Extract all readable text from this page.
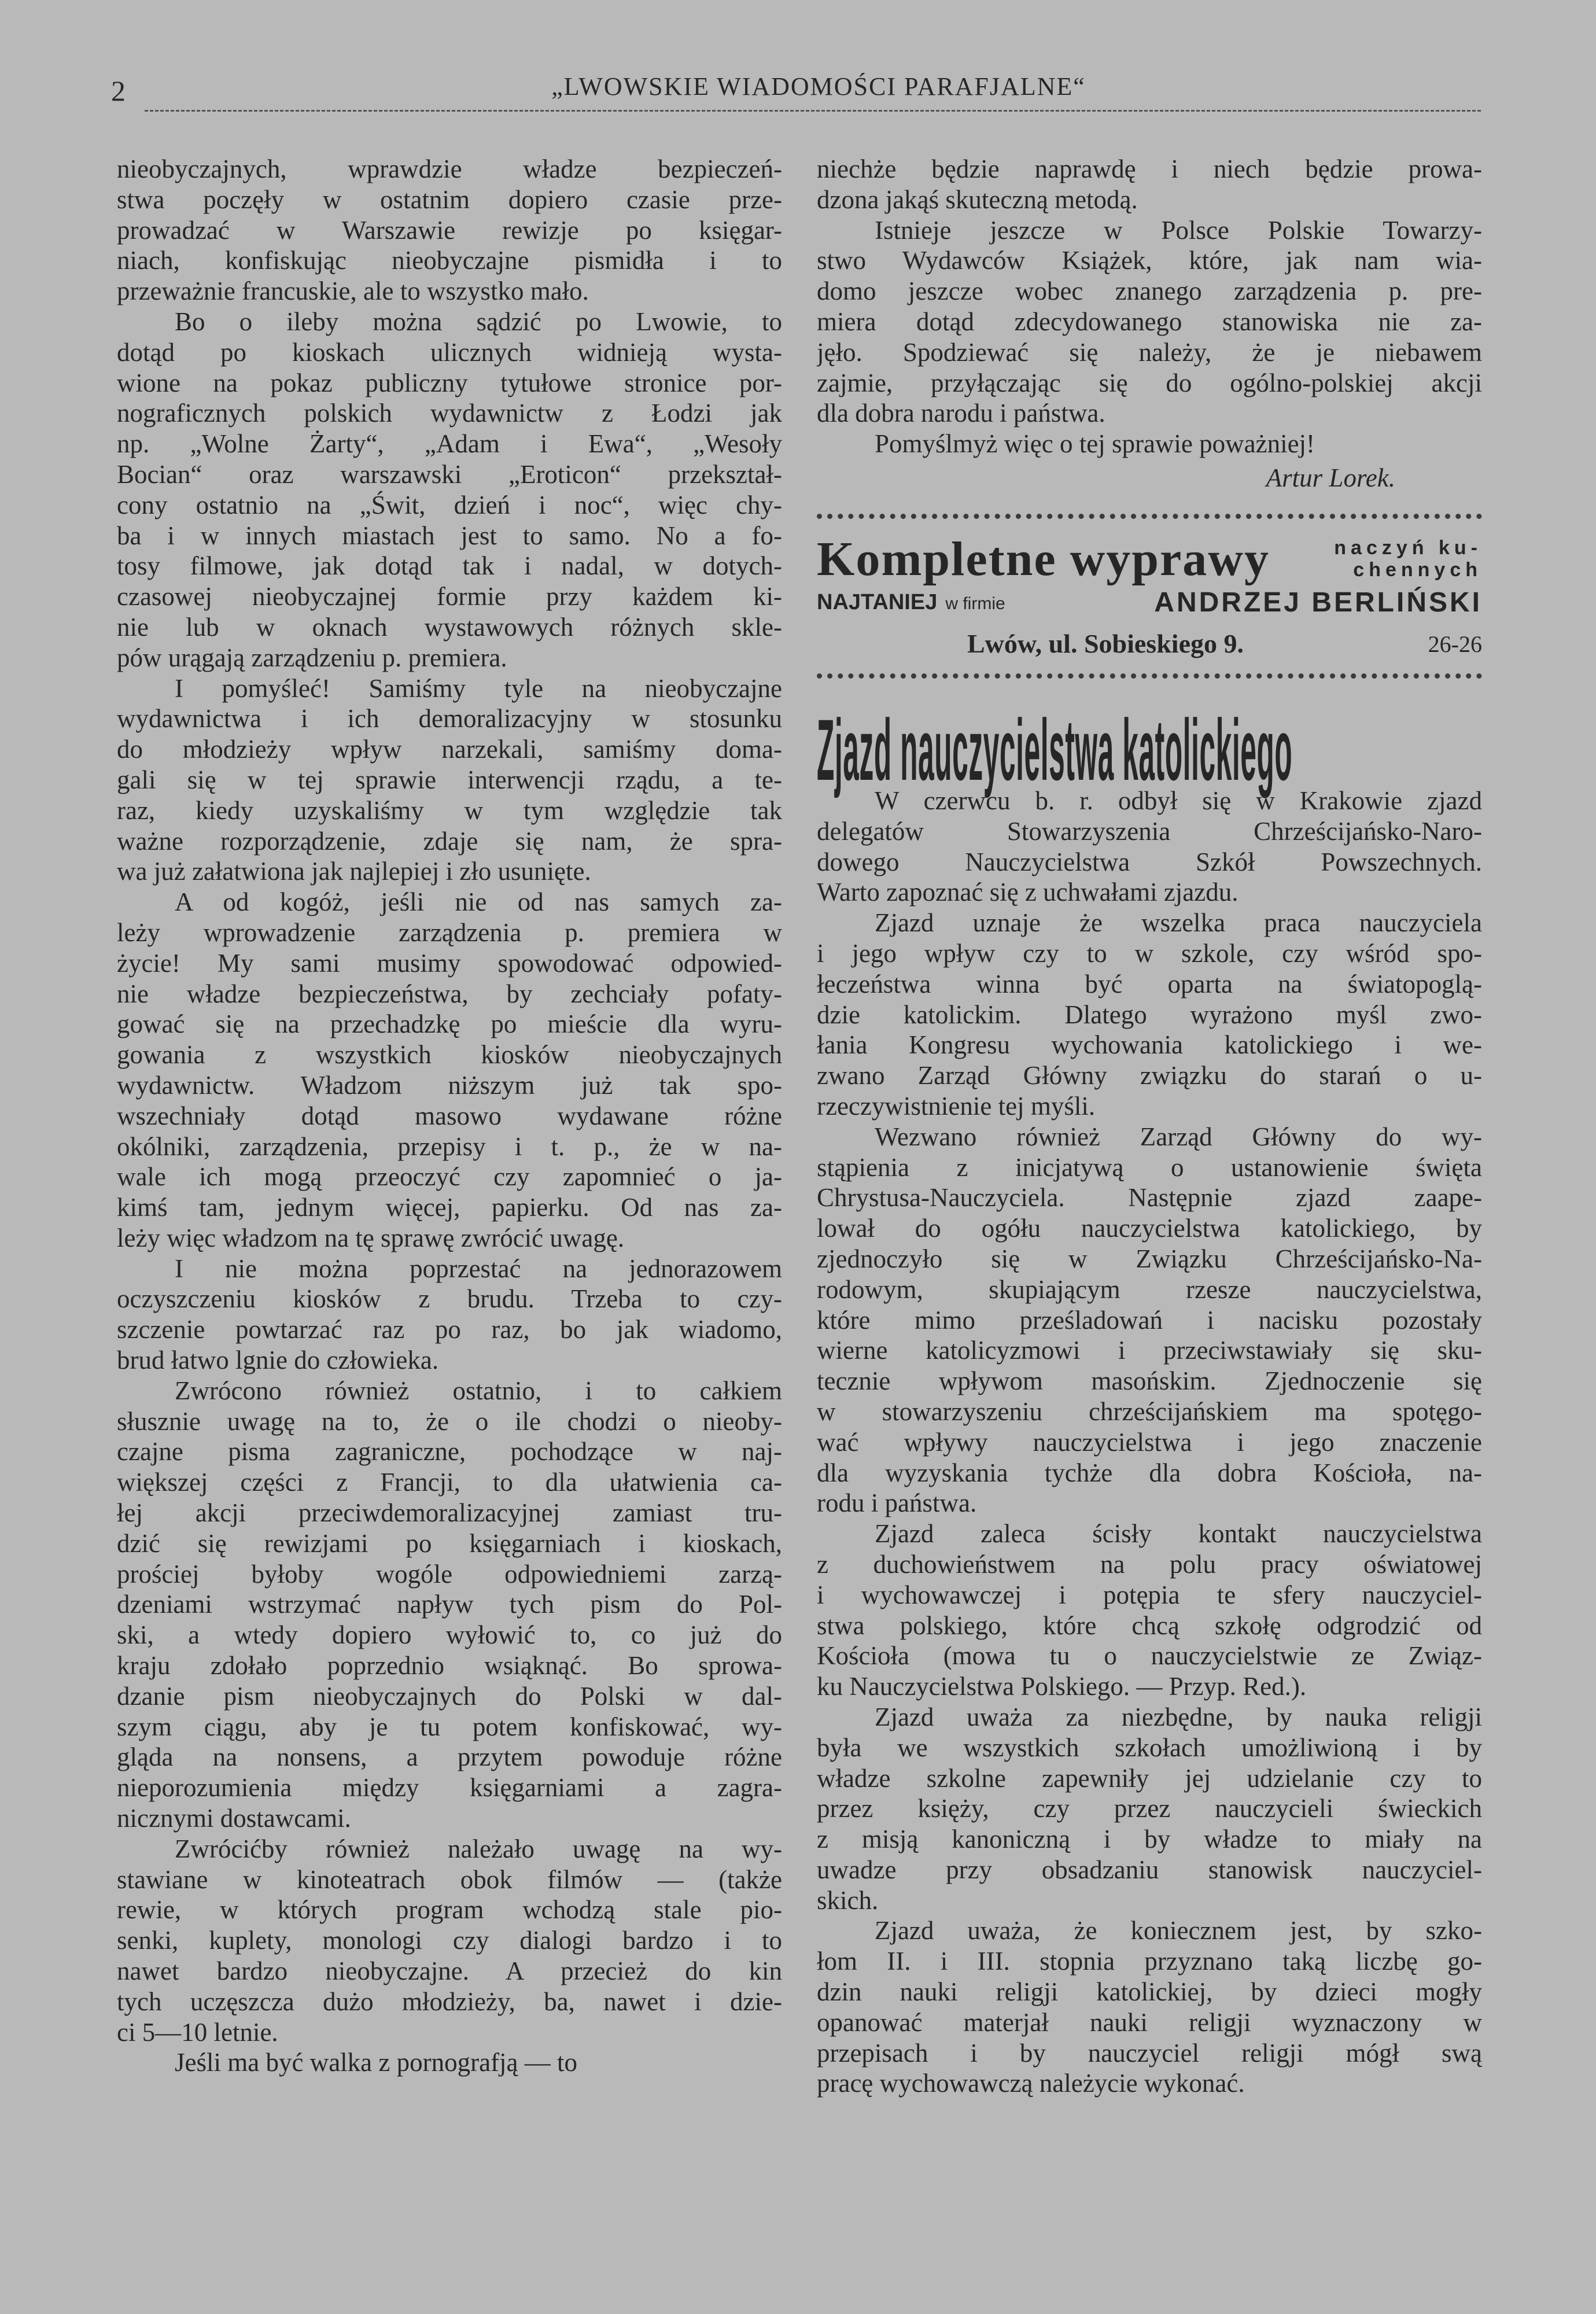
2	„LWOWSKIE WIADOMOŚCI PARAFJALNE“
nieobyczajnych, wprawdzie władze bezpieczeń-
stwa poczęły w ostatnim dopiero czasie prze-
prowadzać w Warszawie rewizje po księgar-
niach, konfiskując nieobyczajne pismidła i to
przeważnie francuskie, ale to wszystko mało.
Bo o ileby można sądzić po Lwowie, to
dotąd po kioskach ulicznych widnieją wysta-
wione na pokaz publiczny tytułowe stronice por-
nograficznych polskich wydawnictw z Łodzi jak
np. „Wolne Żarty“, „Adam i Ewa“, „Wesoły
Bocian“ oraz warszawski „Eroticon“ przekształ-
cony ostatnio na „Świt, dzień i noc“, więc chy-
ba i w innych miastach jest to samo. No a fo-
tosy filmowe, jak dotąd tak i nadal, w dotych-
czasowej nieobyczajnej formie przy każdem ki-
nie lub w oknach wystawowych różnych skle-
pów urągają zarządzeniu p. premiera.
I pomyśleć! Samiśmy tyle na nieobyczajne
wydawnictwa i ich demoralizacyjny w stosunku
do młodzieży wpływ narzekali, samiśmy doma-
gali się w tej sprawie interwencji rządu, a te-
raz, kiedy uzyskaliśmy w tym względzie tak
ważne rozporządzenie, zdaje się nam, że spra-
wa już załatwiona jak najlepiej i zło usunięte.
A od kogóż, jeśli nie od nas samych za-
leży wprowadzenie zarządzenia p. premiera w
życie! My sami musimy spowodować odpowied-
nie władze bezpieczeństwa, by zechciały pofaty-
gować się na przechadzkę po mieście dla wyru-
gowania z wszystkich kiosków nieobyczajnych
wydawnictw. Władzom niższym już tak spo-
wszechniały dotąd masowo wydawane różne
okólniki, zarządzenia, przepisy i t. p., że w na-
wale ich mogą przeoczyć czy zapomnieć o ja-
kimś tam, jednym więcej, papierku. Od nas za-
leży więc władzom na tę sprawę zwrócić uwagę.
I nie można poprzestać na jednorazowem
oczyszczeniu kiosków z brudu. Trzeba to czy-
szczenie powtarzać raz po raz, bo jak wiadomo,
brud łatwo lgnie do człowieka.
Zwrócono również ostatnio, i to całkiem
słusznie uwagę na to, że o ile chodzi o nieoby-
czajne pisma zagraniczne, pochodzące w naj-
większej części z Francji, to dla ułatwienia ca-
łej akcji przeciwdemoralizacyjnej zamiast tru-
dzić się rewizjami po księgarniach i kioskach,
prościej byłoby wogóle odpowiedniemi zarzą-
dzeniami wstrzymać napływ tych pism do Pol-
ski, a wtedy dopiero wyłowić to, co już do
kraju zdołało poprzednio wsiąknąć. Bo sprowa-
dzanie pism nieobyczajnych do Polski w dal-
szym ciągu, aby je tu potem konfiskować, wy-
gląda na nonsens, a przytem powoduje różne
nieporozumienia między księgarniami a zagra-
nicznymi dostawcami.
Zwrócićby również należało uwagę na wy-
stawiane w kinoteatrach obok filmów — (także
rewie, w których program wchodzą stale pio-
senki, kuplety, monologi czy dialogi bardzo i to
nawet bardzo nieobyczajne. A przecież do kin
tych uczęszcza dużo młodzieży, ba, nawet i dzie-
ci 5—10 letnie.
Jeśli ma być walka z pornografją — to
niechże będzie naprawdę i niech będzie prowa-
dzona jakąś skuteczną metodą.
Istnieje jeszcze w Polsce Polskie Towarzy-
stwo Wydawców Książek, które, jak nam wia-
domo jeszcze wobec znanego zarządzenia p. pre-
miera dotąd zdecydowanego stanowiska nie za-
jęło. Spodziewać się należy, że je niebawem
zajmie, przyłączając się do ogólno-polskiej akcji
dla dobra narodu i państwa.
Pomyślmyż więc o tej sprawie poważniej!
Artur Lorek.
Kompletne wyprawy	naczyń ku-
chennych
NAJTANIEJ w firmie	ANDRZEJ BERLIŃSKI
Lwów, ul. Sobieskiego 9.	26-26
Zjazd nauczycielstwa katolickiego
W czerwcu b. r. odbył się w Krakowie zjazd
delegatów Stowarzyszenia Chrześcijańsko-Naro-
dowego Nauczycielstwa Szkół Powszechnych.
Warto zapoznać się z uchwałami zjazdu.
Zjazd uznaje że wszelka praca nauczyciela
i jego wpływ czy to w szkole, czy wśród spo-
łeczeństwa winna być oparta na światopoglą-
dzie katolickim. Dlatego wyrażono myśl zwo-
łania Kongresu wychowania katolickiego i we-
zwano Zarząd Główny związku do starań o u-
rzeczywistnienie tej myśli.
Wezwano również Zarząd Główny do wy-
stąpienia z inicjatywą o ustanowienie święta
Chrystusa-Nauczyciela. Następnie zjazd zaape-
lował do ogółu nauczycielstwa katolickiego, by
zjednoczyło się w Związku Chrześcijańsko-Na-
rodowym, skupiającym rzesze nauczycielstwa,
które mimo prześladowań i nacisku pozostały
wierne katolicyzmowi i przeciwstawiały się sku-
tecznie wpływom masońskim. Zjednoczenie się
w stowarzyszeniu chrześcijańskiem ma spotęgo-
wać wpływy nauczycielstwa i jego znaczenie
dla wyzyskania tychże dla dobra Kościoła, na-
rodu i państwa.
Zjazd zaleca ścisły kontakt nauczycielstwa
z duchowieństwem na polu pracy oświatowej
i wychowawczej i potępia te sfery nauczyciel-
stwa polskiego, które chcą szkołę odgrodzić od
Kościoła (mowa tu o nauczycielstwie ze Związ-
ku Nauczycielstwa Polskiego. — Przyp. Red.).
Zjazd uważa za niezbędne, by nauka religji
była we wszystkich szkołach umożliwioną i by
władze szkolne zapewniły jej udzielanie czy to
przez księży, czy przez nauczycieli świeckich
z misją kanoniczną i by władze to miały na
uwadze przy obsadzaniu stanowisk nauczyciel-
skich.
Zjazd uważa, że koniecznem jest, by szko-
łom II. i III. stopnia przyznano taką liczbę go-
dzin nauki religji katolickiej, by dzieci mogły
opanować materjał nauki religji wyznaczony w
przepisach i by nauczyciel religji mógł swą
pracę wychowawczą należycie wykonać.
